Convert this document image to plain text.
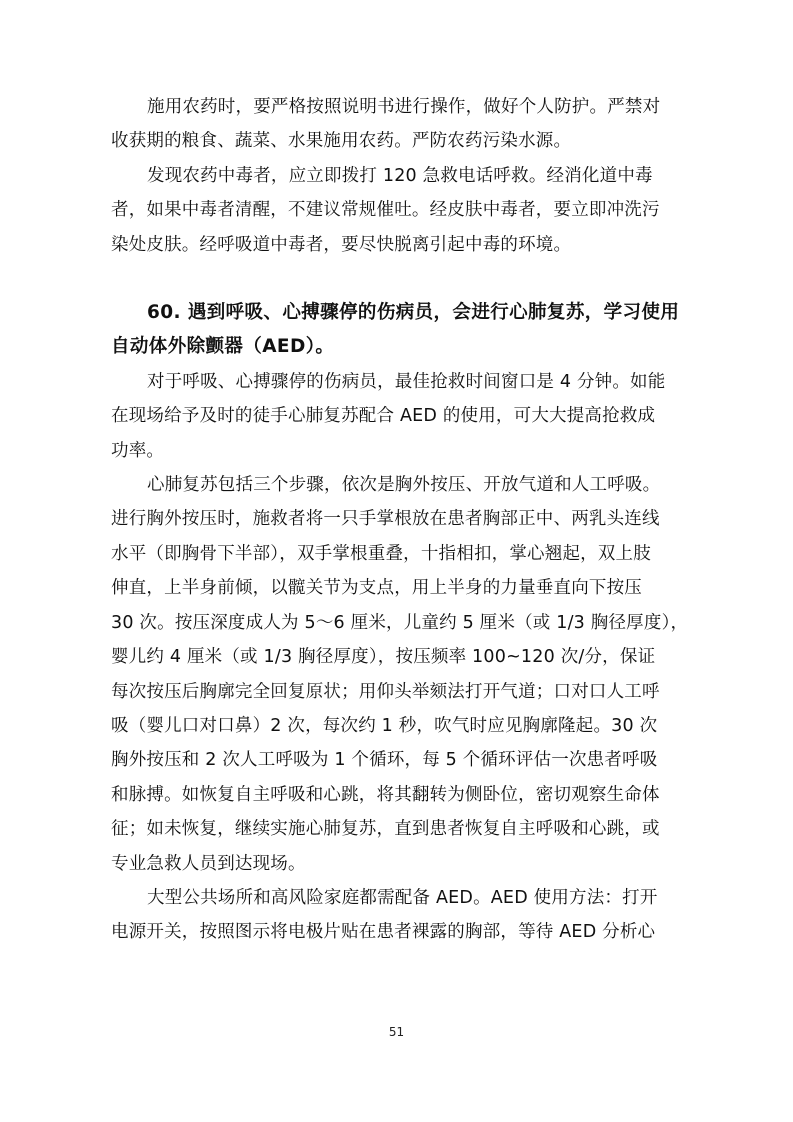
施用农药时，要严格按照说明书进行操作，做好个人防护。严禁对
收获期的粮食、蔬菜、水果施用农药。严防农药污染水源。
发现农药中毒者，应立即拨打 120 急救电话呼救。经消化道中毒
者，如果中毒者清醒，不建议常规催吐。经皮肤中毒者，要立即冲洗污
染处皮肤。经呼吸道中毒者，要尽快脱离引起中毒的环境。
60. 遇到呼吸、心搏骤停的伤病员，会进行心肺复苏，学习使用
自动体外除颤器（AED）。
对于呼吸、心搏骤停的伤病员，最佳抢救时间窗口是 4 分钟。如能
在现场给予及时的徒手心肺复苏配合 AED 的使用，可大大提高抢救成
功率。
心肺复苏包括三个步骤，依次是胸外按压、开放气道和人工呼吸。
进行胸外按压时，施救者将一只手掌根放在患者胸部正中、两乳头连线
水平（即胸骨下半部），双手掌根重叠，十指相扣，掌心翘起，双上肢
伸直，上半身前倾，以髋关节为支点，用上半身的力量垂直向下按压
30 次。按压深度成人为 5～6 厘米，儿童约 5 厘米（或 1/3 胸径厚度），
婴儿约 4 厘米（或 1/3 胸径厚度），按压频率 100~120 次/分，保证
每次按压后胸廓完全回复原状；用仰头举颏法打开气道；口对口人工呼
吸（婴儿口对口鼻）2 次，每次约 1 秒，吹气时应见胸廓隆起。30 次
胸外按压和 2 次人工呼吸为 1 个循环，每 5 个循环评估一次患者呼吸
和脉搏。如恢复自主呼吸和心跳，将其翻转为侧卧位，密切观察生命体
征；如未恢复，继续实施心肺复苏，直到患者恢复自主呼吸和心跳，或
专业急救人员到达现场。
大型公共场所和高风险家庭都需配备 AED。AED 使用方法：打开
电源开关，按照图示将电极片贴在患者裸露的胸部，等待 AED 分析心
51
